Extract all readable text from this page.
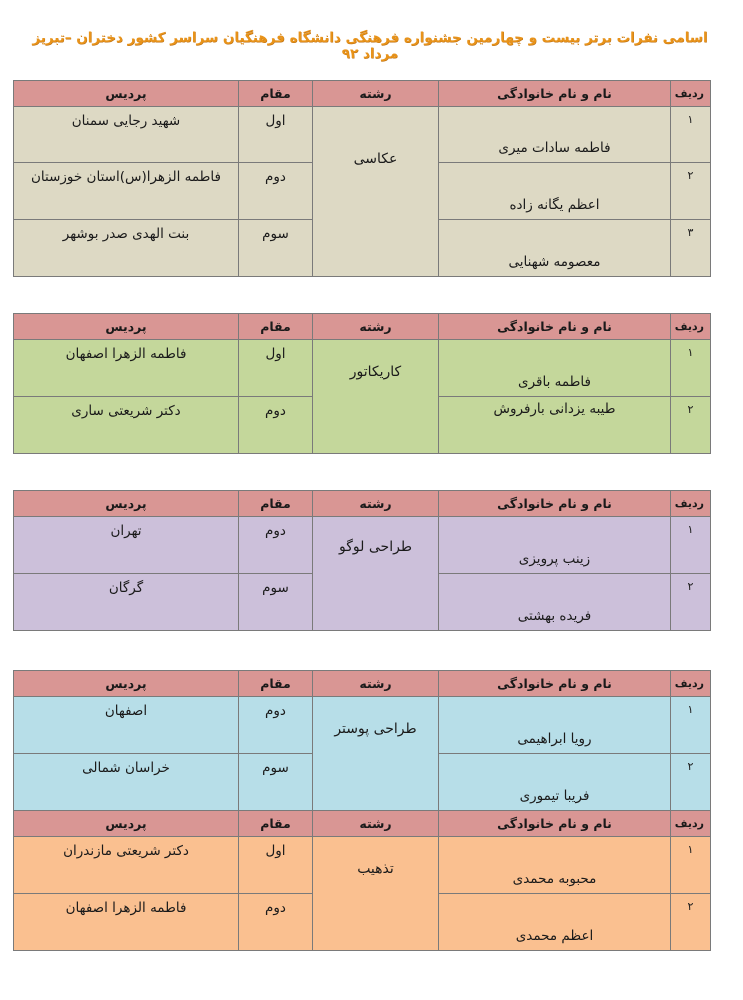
اسامی نفرات برتر بیست و چهارمین جشنواره فرهنگی دانشگاه فرهنگیان سراسر کشور دختران –تبریز مرداد ۹۲
ردیف	نام و نام خانوادگی	رشته	مقام	پردیس
۱	فاطمه سادات میری	عکاسی	اول	شهید رجایی سمنان
۲	اعظم یگانه زاده		دوم	فاطمه الزهرا(س)استان خوزستان
۳	معصومه شهنایی		سوم	بنت الهدی صدر بوشهر
ردیف	نام و نام خانوادگی	رشته	مقام	پردیس
۱	فاطمه باقری	کاریکاتور	اول	فاطمه الزهرا اصفهان
۲	طیبه یزدانی بارفروش		دوم	دکتر شریعتی ساری
ردیف	نام و نام خانوادگی	رشته	مقام	پردیس
۱	زینب پرویزی	طراحی لوگو	دوم	تهران
۲	فریده بهشتی		سوم	گرگان
ردیف	نام و نام خانوادگی	رشته	مقام	پردیس
۱	رویا ابراهیمی	طراحی پوستر	دوم	اصفهان
۲	فریبا تیموری		سوم	خراسان شمالی
ردیف	نام و نام خانوادگی	رشته	مقام	پردیس
۱	محبوبه محمدی	تذهیب	اول	دکتر شریعتی مازندران
۲	اعظم محمدی		دوم	فاطمه الزهرا اصفهان
